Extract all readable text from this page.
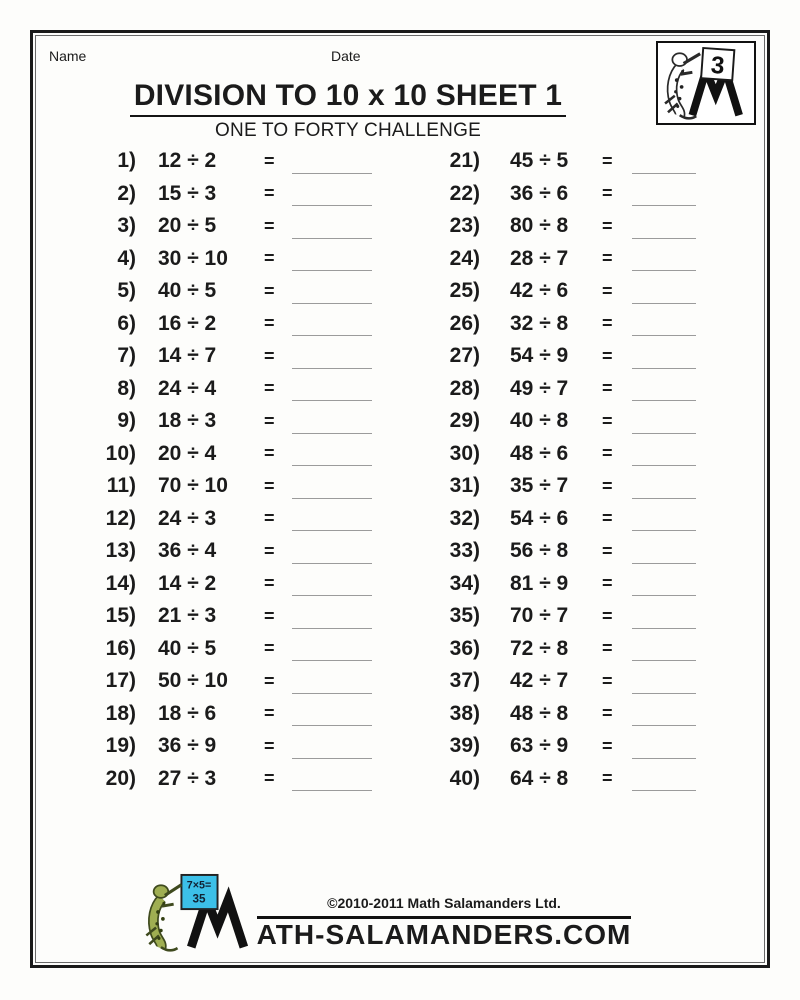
Name	Date	3
DIVISION TO 10 x 10 SHEET 1
ONE TO FORTY CHALLENGE
1) 12 ÷ 2	=
2) 15 ÷ 3	=
3) 20 ÷ 5	=
4) 30 ÷ 10	=
5) 40 ÷ 5	=
6) 16 ÷ 2	=
7) 14 ÷ 7	=
8) 24 ÷ 4	=
9) 18 ÷ 3	=
10) 20 ÷ 4	=
11) 70 ÷ 10	=
12) 24 ÷ 3	=
13) 36 ÷ 4	=
14) 14 ÷ 2	=
15) 21 ÷ 3	=
16) 40 ÷ 5	=
17) 50 ÷ 10	=
18) 18 ÷ 6	=
19) 36 ÷ 9	=
20) 27 ÷ 3	=
21) 45 ÷ 5	=
22) 36 ÷ 6	=
23) 80 ÷ 8	=
24) 28 ÷ 7	=
25) 42 ÷ 6	=
26) 32 ÷ 8	=
27) 54 ÷ 9	=
28) 49 ÷ 7	=
29) 40 ÷ 8	=
30) 48 ÷ 6	=
31) 35 ÷ 7	=
32) 54 ÷ 6	=
33) 56 ÷ 8	=
34) 81 ÷ 9	=
35) 70 ÷ 7	=
36) 72 ÷ 8	=
37) 42 ÷ 7	=
38) 48 ÷ 8	=
39) 63 ÷ 9	=
40) 64 ÷ 8	=
7×5=
35	©2010-2011 Math Salamanders Ltd.
ATH-SALAMANDERS.COM
